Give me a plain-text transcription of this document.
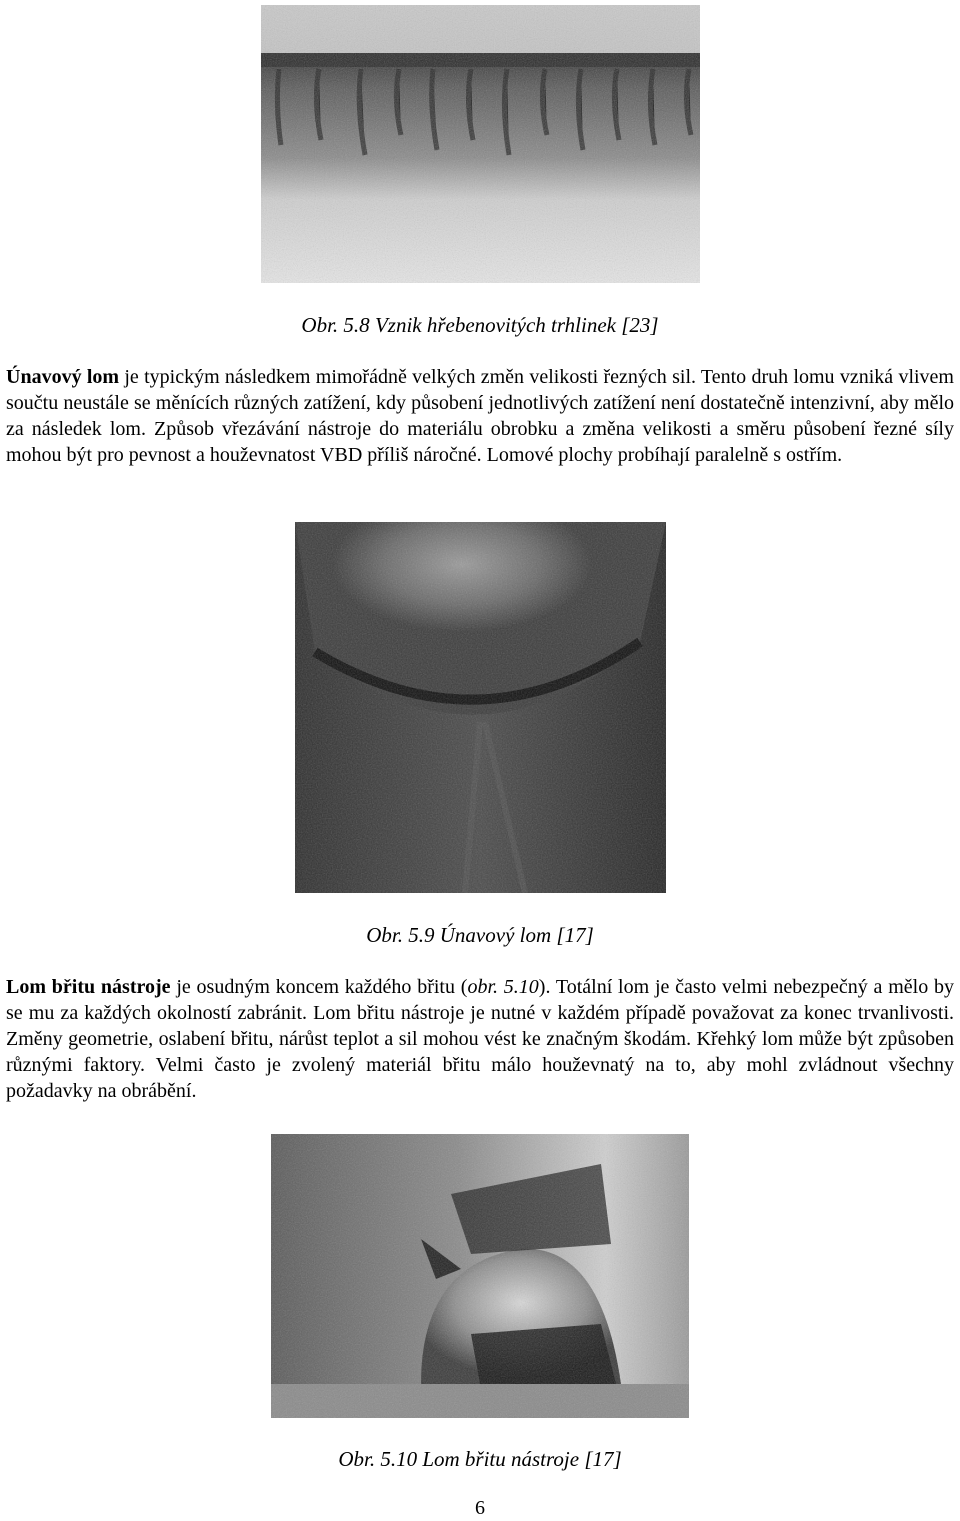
Obr. 5.8 Vznik hřebenovitých trhlinek [23]

Únavový lom je typickým následkem mimořádně velkých změn velikosti řezných sil. Tento druh lomu vzniká vlivem součtu neustále se měnících různých zatížení, kdy působení jednotlivých zatížení není dostatečně intenzivní, aby mělo za následek lom. Způsob vřezávání nástroje do materiálu obrobku a změna velikosti a směru působení řezné síly mohou být pro pevnost a houževnatost VBD příliš náročné. Lomové plochy probíhají paralelně s ostřím.

Obr. 5.9 Únavový lom [17]

Lom břitu nástroje je osudným koncem každého břitu (obr. 5.10). Totální lom je často velmi nebezpečný a mělo by se mu za každých okolností zabránit. Lom břitu nástroje je nutné v každém případě považovat za konec trvanlivosti. Změny geometrie, oslabení břitu, nárůst teplot a sil mohou vést ke značným škodám. Křehký lom může být způsoben různými faktory. Velmi často je zvolený materiál břitu málo houževnatý na to, aby mohl zvládnout všechny požadavky na obrábění.

Obr. 5.10 Lom břitu nástroje [17]
6
